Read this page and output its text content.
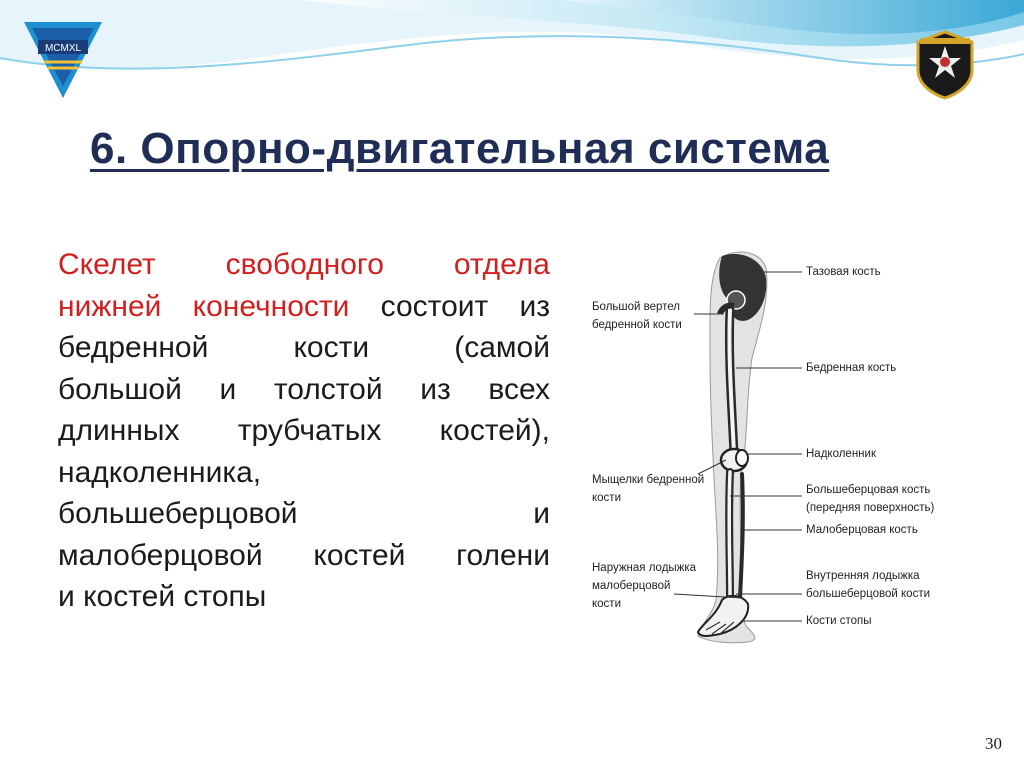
MCMXL
6. Опорно-двигательная система
Скелет свободного отдела
нижней конечности состоит из
бедренной кости (самой
большой и толстой из всех
длинных трубчатых костей),
надколенника,
большеберцовой и
малоберцовой костей голени
и костей стопы
Тазовая кость
Бедренная кость
Надколенник
Большеберцовая кость
(передняя поверхность)
Малоберцовая кость
Внутренняя лодыжка
большеберцовой кости
Кости стопы
Большой вертел
бедренной кости
Мыщелки бедренной
кости
Наружная лодыжка
малоберцовой
кости
30
